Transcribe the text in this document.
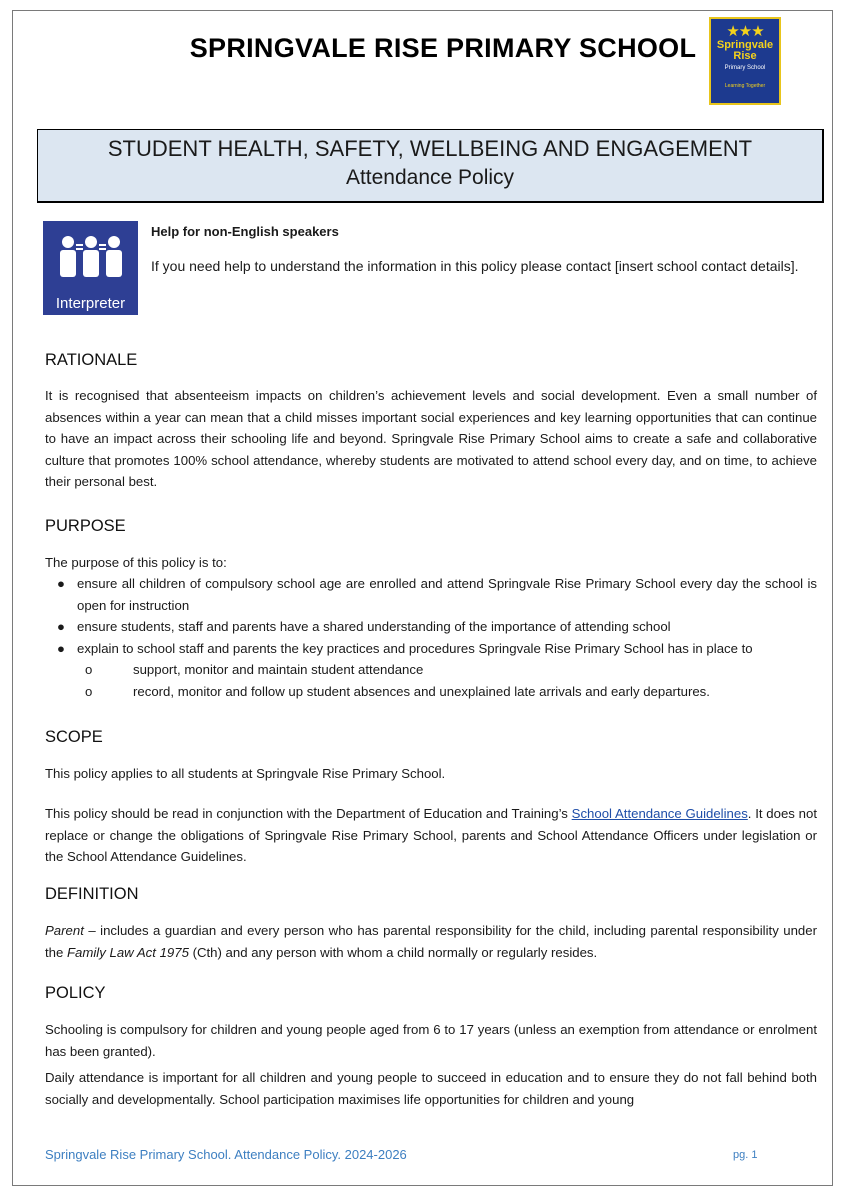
SPRINGVALE RISE PRIMARY SCHOOL
★★★
Springvale
Rise
Primary School
Learning Together
STUDENT HEALTH, SAFETY, WELLBEING AND ENGAGEMENT
Attendance Policy
Interpreter
Help for non-English speakers
If you need help to understand the information in this policy please contact [insert school contact details].
RATIONALE
It is recognised that absenteeism impacts on children’s achievement levels and social development. Even a small number of absences within a year can mean that a child misses important social experiences and key learning opportunities that can continue to have an impact across their schooling life and beyond. Springvale Rise Primary School aims to create a safe and collaborative culture that promotes 100% school attendance, whereby students are motivated to attend school every day, and on time, to achieve their personal best.
PURPOSE
The purpose of this policy is to:
● ensure all children of compulsory school age are enrolled and attend Springvale Rise Primary School every day the school is open for instruction
● ensure students, staff and parents have a shared understanding of the importance of attending school
● explain to school staff and parents the key practices and procedures Springvale Rise Primary School has in place to
o	support, monitor and maintain student attendance
o	record, monitor and follow up student absences and unexplained late arrivals and early departures.
SCOPE
This policy applies to all students at Springvale Rise Primary School.
This policy should be read in conjunction with the Department of Education and Training’s School Attendance Guidelines. It does not replace or change the obligations of Springvale Rise Primary School, parents and School Attendance Officers under legislation or the School Attendance Guidelines.
DEFINITION
Parent – includes a guardian and every person who has parental responsibility for the child, including parental responsibility under the Family Law Act 1975 (Cth) and any person with whom a child normally or regularly resides.
POLICY
Schooling is compulsory for children and young people aged from 6 to 17 years (unless an exemption from attendance or enrolment has been granted).
Daily attendance is important for all children and young people to succeed in education and to ensure they do not fall behind both socially and developmentally. School participation maximises life opportunities for children and young
Springvale Rise Primary School. Attendance Policy. 2024-2026	pg. 1
